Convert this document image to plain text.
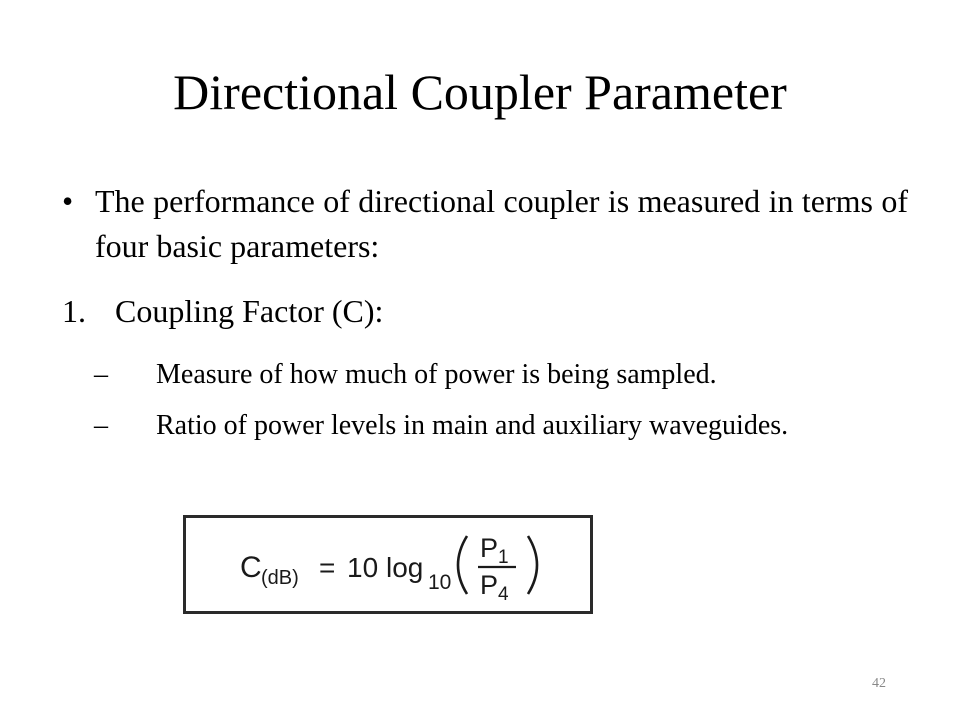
Directional Coupler Parameter
• The performance of directional coupler is measured in terms of four basic parameters:
1. Coupling Factor (C):
–	Measure of how much of power is being sampled.
–	Ratio of power levels in main and auxiliary waveguides.
C (dB) = 10 log 10
P 1
P 4
42
